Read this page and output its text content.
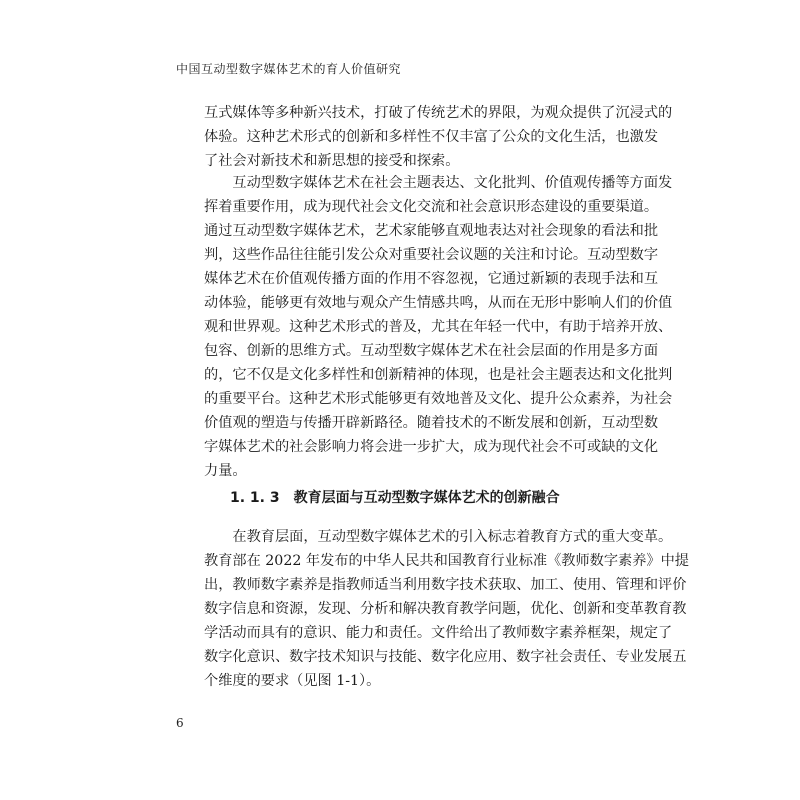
中国互动型数字媒体艺术的育人价值研究
互式媒体等多种新兴技术，打破了传统艺术的界限，为观众提供了沉浸式的
体验。这种艺术形式的创新和多样性不仅丰富了公众的文化生活，也激发
了社会对新技术和新思想的接受和探索。
　　互动型数字媒体艺术在社会主题表达、文化批判、价值观传播等方面发
挥着重要作用，成为现代社会文化交流和社会意识形态建设的重要渠道。
通过互动型数字媒体艺术，艺术家能够直观地表达对社会现象的看法和批
判，这些作品往往能引发公众对重要社会议题的关注和讨论。互动型数字
媒体艺术在价值观传播方面的作用不容忽视，它通过新颖的表现手法和互
动体验，能够更有效地与观众产生情感共鸣，从而在无形中影响人们的价值
观和世界观。这种艺术形式的普及，尤其在年轻一代中，有助于培养开放、
包容、创新的思维方式。互动型数字媒体艺术在社会层面的作用是多方面
的，它不仅是文化多样性和创新精神的体现，也是社会主题表达和文化批判
的重要平台。这种艺术形式能够更有效地普及文化、提升公众素养，为社会
价值观的塑造与传播开辟新路径。随着技术的不断发展和创新，互动型数
字媒体艺术的社会影响力将会进一步扩大，成为现代社会不可或缺的文化
力量。
1. 1. 3 教育层面与互动型数字媒体艺术的创新融合
　　在教育层面，互动型数字媒体艺术的引入标志着教育方式的重大变革。
教育部在 2022 年发布的中华人民共和国教育行业标准《教师数字素养》中提
出，教师数字素养是指教师适当利用数字技术获取、加工、使用、管理和评价
数字信息和资源，发现、分析和解决教育教学问题，优化、创新和变革教育教
学活动而具有的意识、能力和责任。文件给出了教师数字素养框架，规定了
数字化意识、数字技术知识与技能、数字化应用、数字社会责任、专业发展五
个维度的要求（见图 1-1）。
6
